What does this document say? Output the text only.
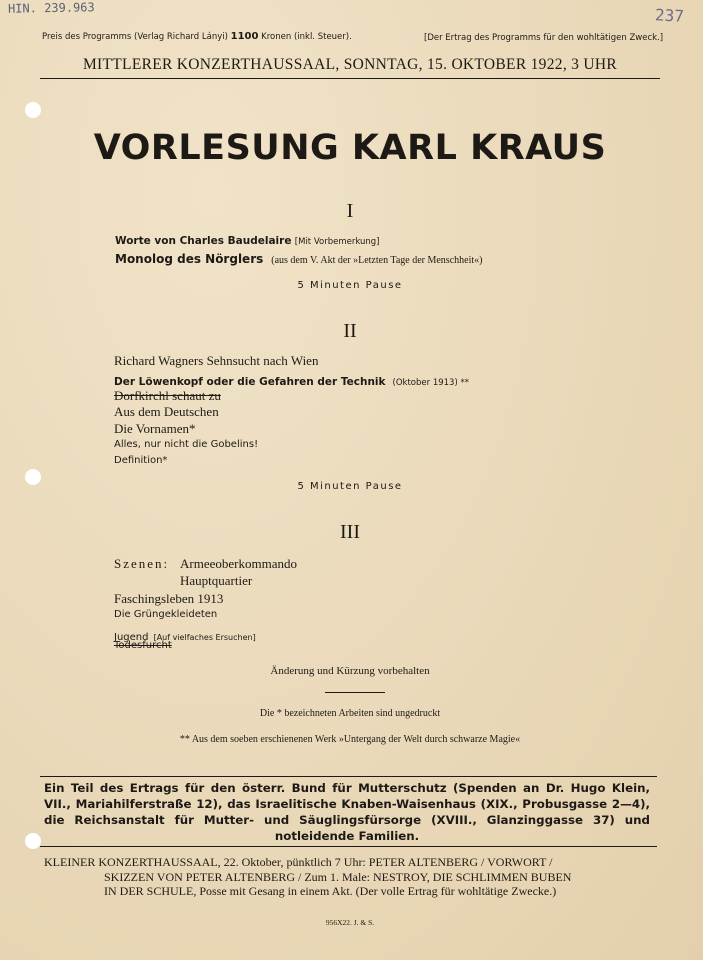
HIN. 239.963	237
Preis des Programms (Verlag Richard Lányi) 1100 Kronen (inkl. Steuer).	[Der Ertrag des Programms für den wohltätigen Zweck.]
MITTLERER KONZERTHAUSSAAL, SONNTAG, 15. OKTOBER 1922, 3 UHR
VORLESUNG KARL KRAUS
I
Worte von Charles Baudelaire [Mit Vorbemerkung]
Monolog des Nörglers (aus dem V. Akt der »Letzten Tage der Menschheit«)
5 Minuten Pause
II
Richard Wagners Sehnsucht nach Wien
Der Löwenkopf oder die Gefahren der Technik (Oktober 1913) **
Dorfkirchl schaut zu
Aus dem Deutschen
Die Vornamen*
Alles, nur nicht die Gobelins!
Definition*
5 Minuten Pause
III
Szenen: Armeeoberkommando
Hauptquartier
Faschingsleben 1913
Die Grüngekleideten
Jugend [Auf vielfaches Ersuchen]
Todesfurcht
Änderung und Kürzung vorbehalten
Die * bezeichneten Arbeiten sind ungedruckt
** Aus dem soeben erschienenen Werk »Untergang der Welt durch schwarze Magie«
Ein Teil des Ertrags für den österr. Bund für Mutterschutz (Spenden an Dr. Hugo Klein,
VII., Mariahilferstraße 12), das Israelitische Knaben-Waisenhaus (XIX., Probusgasse 2—4),
die Reichsanstalt für Mutter- und Säuglingsfürsorge (XVIII., Glanzinggasse 37) und
notleidende Familien.
KLEINER KONZERTHAUSSAAL, 22. Oktober, pünktlich 7 Uhr: PETER ALTENBERG / VORWORT /
SKIZZEN VON PETER ALTENBERG / Zum 1. Male: NESTROY, DIE SCHLIMMEN BUBEN
IN DER SCHULE, Posse mit Gesang in einem Akt. (Der volle Ertrag für wohltätige Zwecke.)
956X22. J. & S.
